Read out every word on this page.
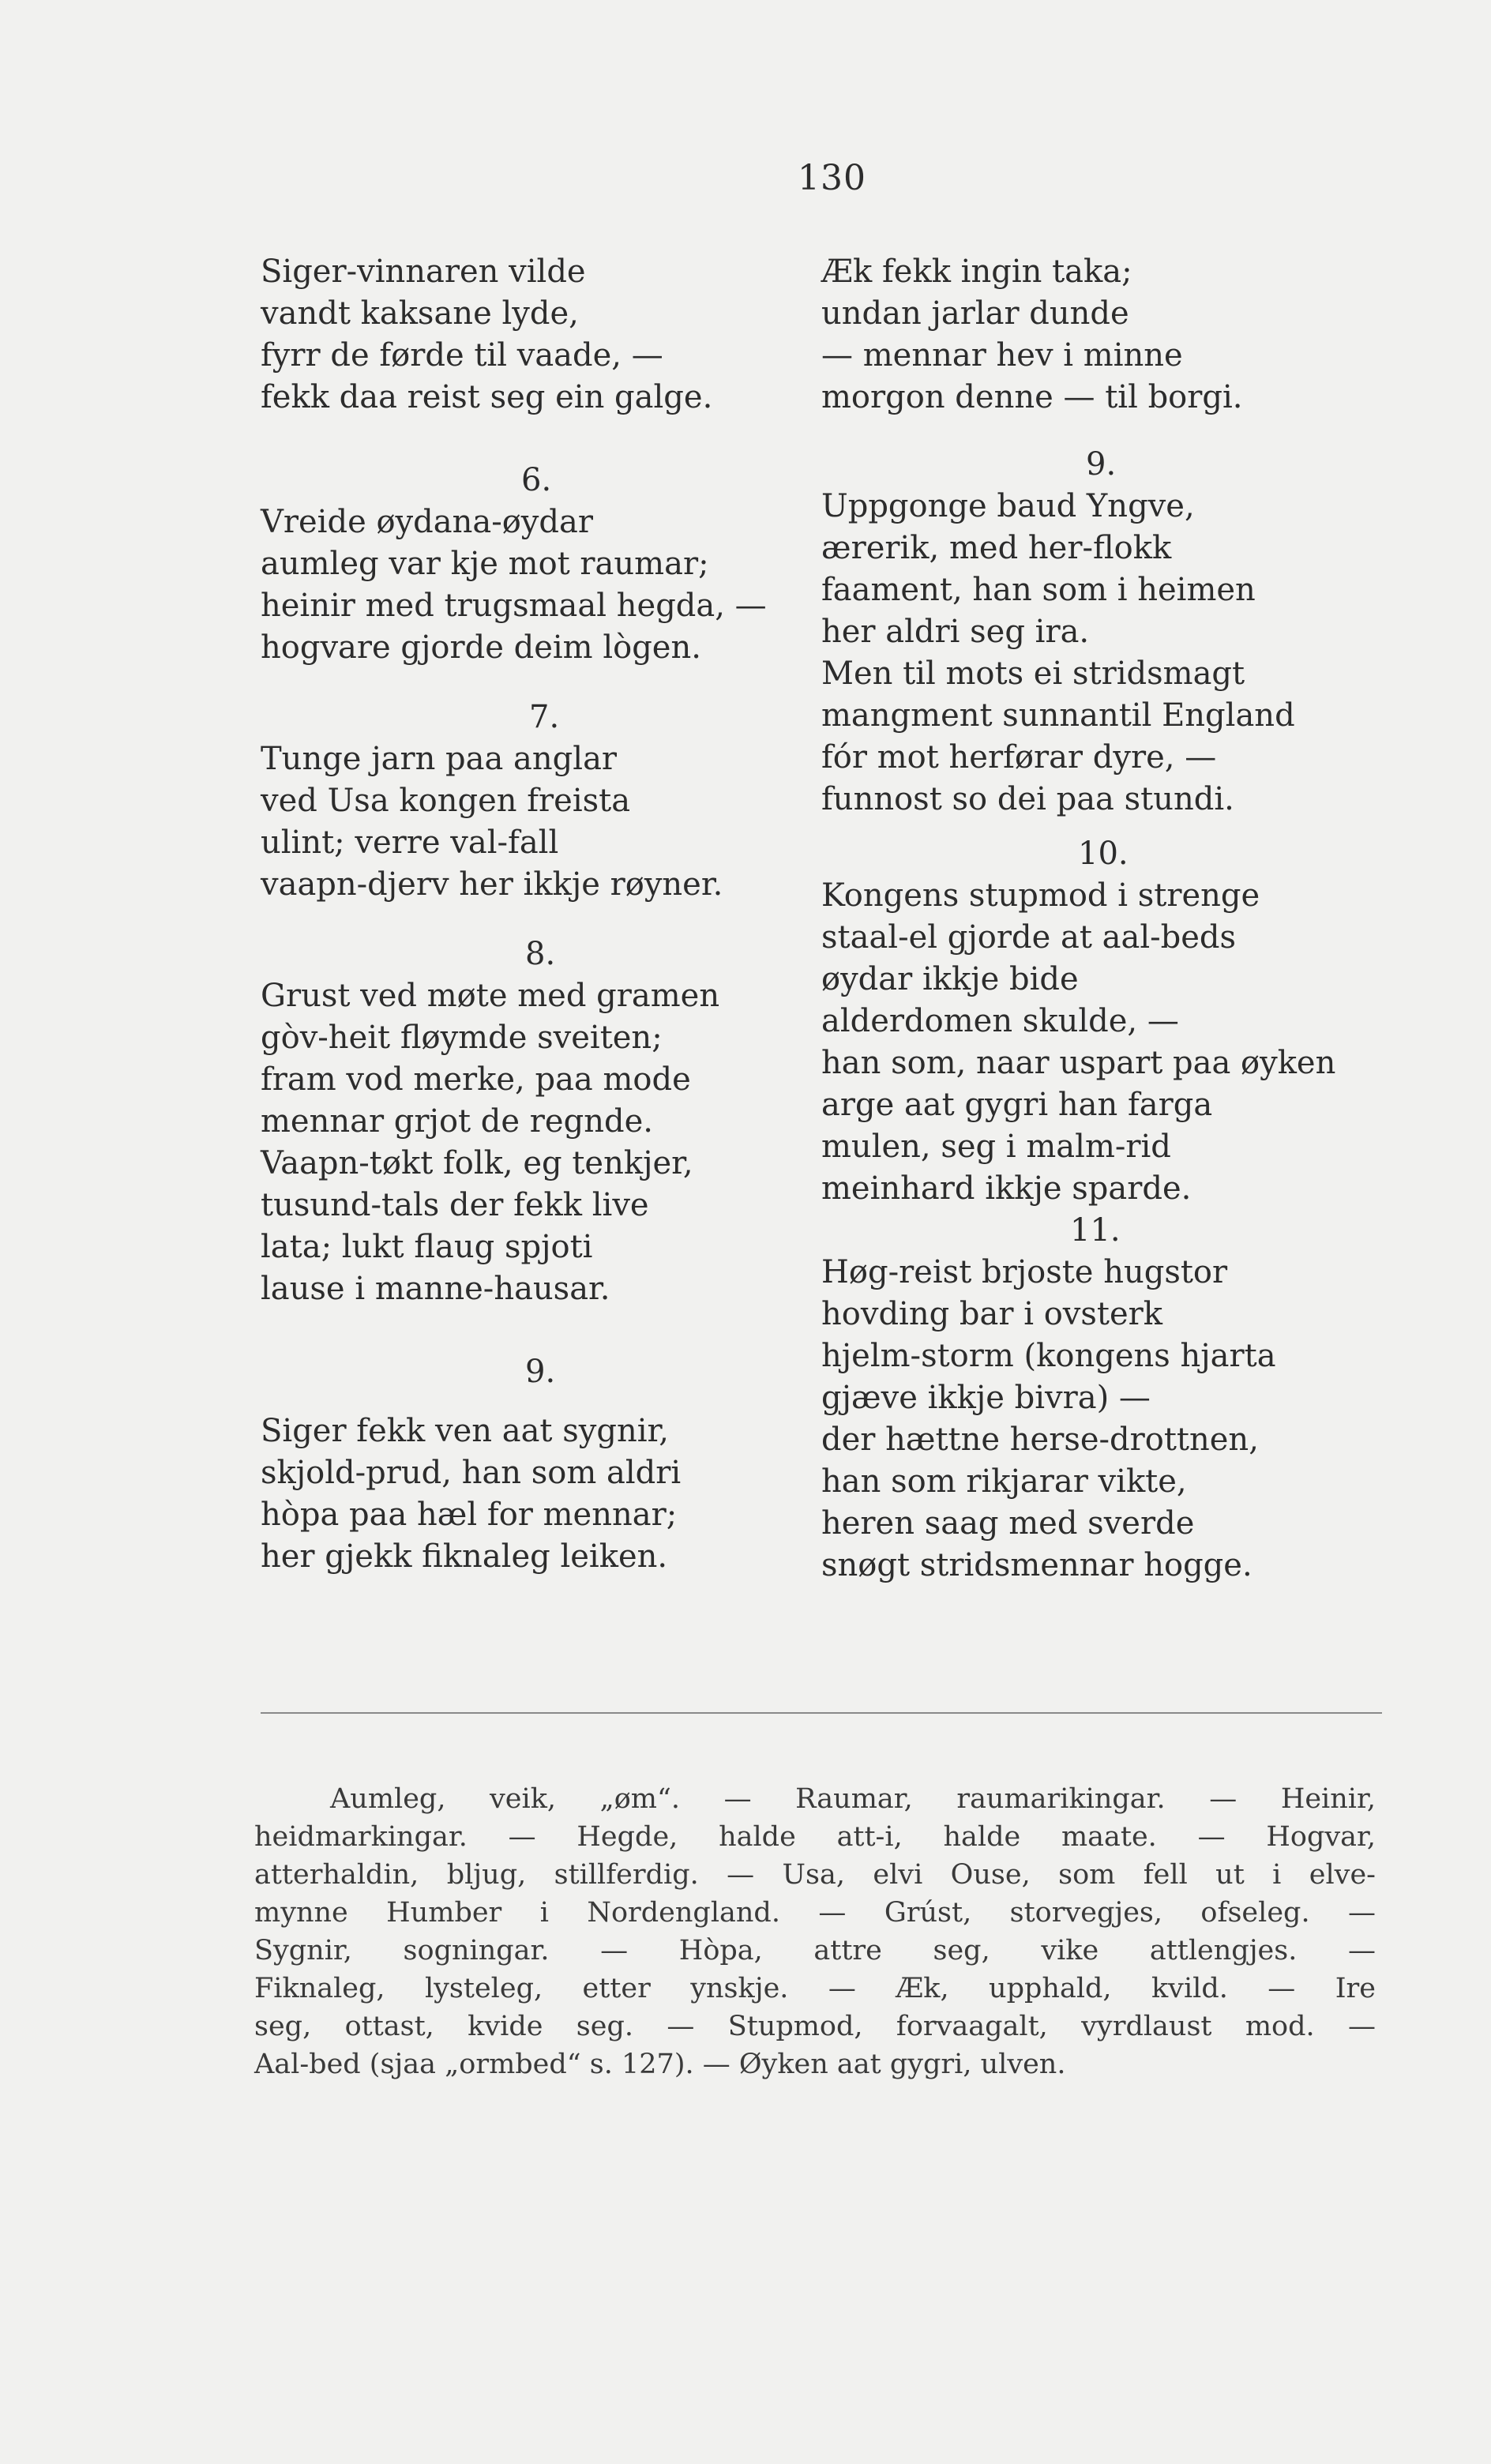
130
Siger-vinnaren vilde
vandt kaksane lyde,
fyrr de førde til vaade, —
fekk daa reist seg ein galge.
6.
Vreide øydana-øydar
aumleg var kje mot raumar;
heinir med trugsmaal hegda, —
hogvare gjorde deim lògen.
7.
Tunge jarn paa anglar
ved Usa kongen freista
ulint; verre val-fall
vaapn-djerv her ikkje røyner.
8.
Grust ved møte med gramen
gòv-heit fløymde sveiten;
fram vod merke, paa mode
mennar grjot de regnde.
Vaapn-tøkt folk, eg tenkjer,
tusund-tals der fekk live
lata; lukt flaug spjoti
lause i manne-hausar.
9.
Siger fekk ven aat sygnir,
skjold-prud, han som aldri
hòpa paa hæl for mennar;
her gjekk fiknaleg leiken.
Æk fekk ingin taka;
undan jarlar dunde
— mennar hev i minne
morgon denne — til borgi.
9.
Uppgonge baud Yngve,
ærerik, med her-flokk
faament, han som i heimen
her aldri seg ira.
Men til mots ei stridsmagt
mangment sunnantil England
fór mot herførar dyre, —
funnost so dei paa stundi.
10.
Kongens stupmod i strenge
staal-el gjorde at aal-beds
øydar ikkje bide
alderdomen skulde, —
han som, naar uspart paa øyken
arge aat gygri han farga
mulen, seg i malm-rid
meinhard ikkje sparde.
11.
Høg-reist brjoste hugstor
hovding bar i ovsterk
hjelm-storm (kongens hjarta
gjæve ikkje bivra) —
der hættne herse-drottnen,
han som rikjarar vikte,
heren saag med sverde
snøgt stridsmennar hogge.
Aumleg, veik, „øm“. — Raumar, raumarikingar. — Heinir,
heidmarkingar. — Hegde, halde att-i, halde maate. — Hogvar,
atterhaldin, bljug, stillferdig. — Usa, elvi Ouse, som fell ut i elve-
mynne Humber i Nordengland. — Grúst, storvegjes, ofseleg. —
Sygnir, sogningar. — Hòpa, attre seg, vike attlengjes. —
Fiknaleg, lysteleg, etter ynskje. — Æk, upphald, kvild. — Ire
seg, ottast, kvide seg. — Stupmod, forvaagalt, vyrdlaust mod. —
Aal-bed (sjaa „ormbed“ s. 127). — Øyken aat gygri, ulven.
